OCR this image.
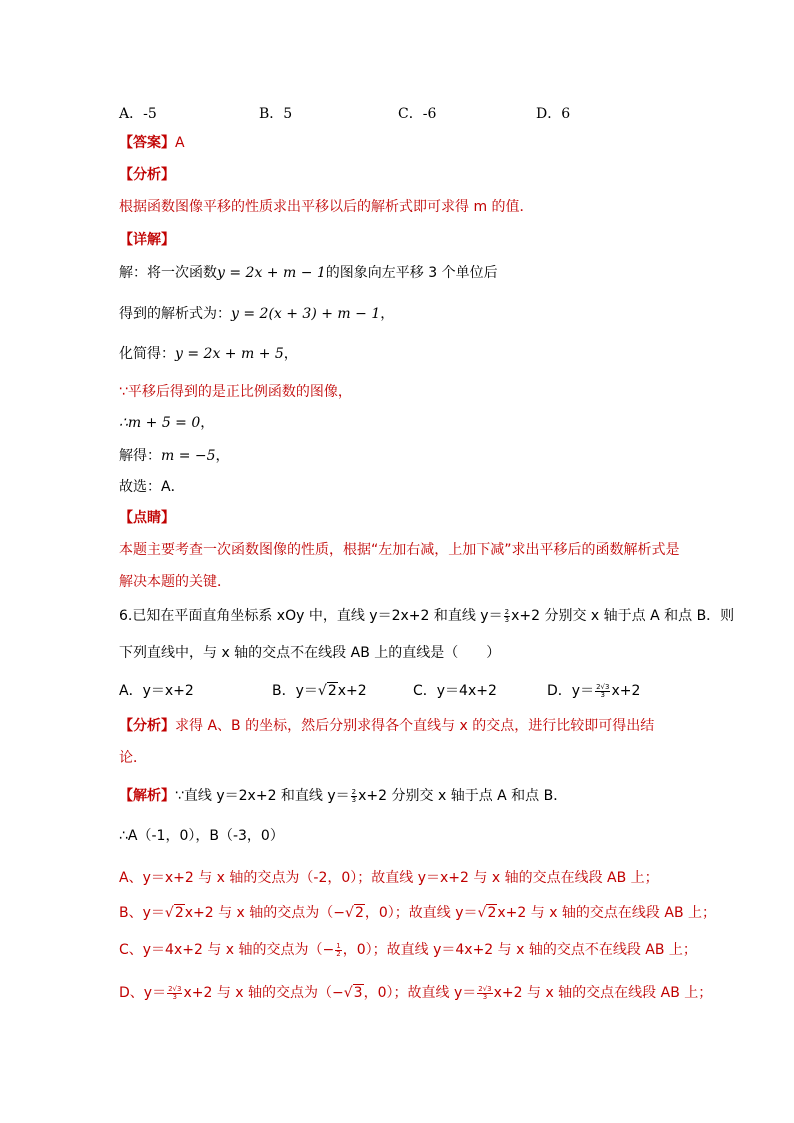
A．-5	B．5	C．-6	D．6
【答案】A
【分析】
根据函数图像平移的性质求出平移以后的解析式即可求得 m 的值．
【详解】
解：将一次函数y = 2x + m − 1的图象向左平移 3 个单位后
得到的解析式为：y = 2(x + 3) + m − 1，
化简得：y = 2x + m + 5，
∵平移后得到的是正比例函数的图像，
∴m + 5 = 0，
解得：m = −5，
故选：A．
【点睛】
本题主要考查一次函数图像的性质，根据“左加右减，上加下减”求出平移后的函数解析式是
解决本题的关键．
6.已知在平面直角坐标系 xOy 中，直线 y＝2x+2 和直线 $y= \frac{2}{3} x+2$ 分别交 x 轴于点 A 和点 B．则
下列直线中，与 x 轴的交点不在线段 AB 上的直线是（　　）
A．y＝x+2	B．y＝√2x+2	C．y＝4x+2	D．$y= \frac{2√3}{3} x+2$
【分析】求得 A、B 的坐标，然后分别求得各个直线与 x 的交点，进行比较即可得出结
论．
【解析】∵直线 y＝2x+2 和直线 $y= \frac{2}{3} x+2$ 分别交 x 轴于点 A 和点 B．
∴A（-1，0），B（-3，0）
A、y＝x+2 与 x 轴的交点为（-2，0）；故直线 y＝x+2 与 x 轴的交点在线段 AB 上；
B、y＝√2x+2 与 x 轴的交点为（−√2，0）；故直线 y＝√2x+2 与 x 轴的交点在线段 AB 上；
C、y＝4x+2 与 x 轴的交点为（− $\frac{1}{2}$ ，0）；故直线 y＝4x+2 与 x 轴的交点不在线段 AB 上；
D、$y= \frac{2√3}{3} x+2$ 与 x 轴的交点为（−√3，0）；故直线 $y= \frac{2√3}{3} x+2$ 与 x 轴的交点在线段 AB 上；
